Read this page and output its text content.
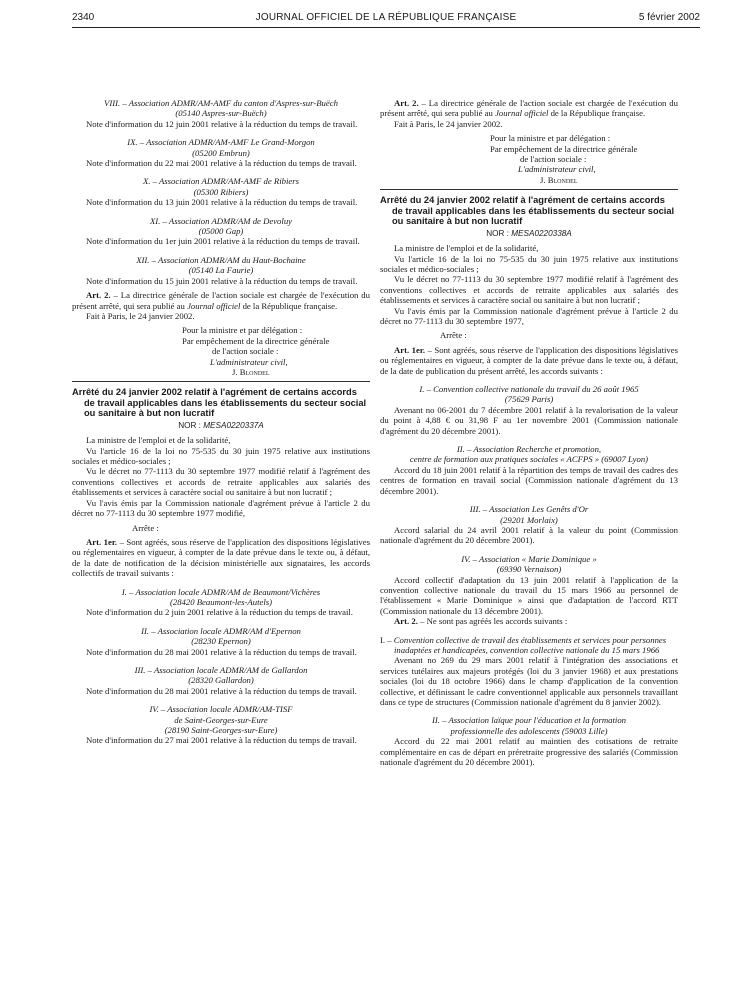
2340	JOURNAL OFFICIEL DE LA RÉPUBLIQUE FRANÇAISE	5 février 2002

VIII. – Association ADMR/AM-AMF du canton d'Aspres-sur-Buëch

(05140 Aspres-sur-Buëch)

Note d'information du 12 juin 2001 relative à la réduction du temps de travail.

IX. – Association ADMR/AM-AMF Le Grand-Morgon

(05200 Embrun)

Note d'information du 22 mai 2001 relative à la réduction du temps de travail.

X. – Association ADMR/AM-AMF de Ribiers

(05300 Ribiers)

Note d'information du 13 juin 2001 relative à la réduction du temps de travail.

XI. – Association ADMR/AM de Devoluy

(05000 Gap)

Note d'information du 1er juin 2001 relative à la réduction du temps de travail.

XII. – Association ADMR/AM du Haut-Bochaine

(05140 La Faurie)

Note d'information du 15 juin 2001 relative à la réduction du temps de travail.

Art. 2. – La directrice générale de l'action sociale est chargée de l'exécution du présent arrêté, qui sera publié au Journal officiel de la République française.

Fait à Paris, le 24 janvier 2002.

Pour la ministre et par délégation :

Par empêchement de la directrice générale

de l'action sociale :

L'administrateur civil,

J. Blondel

Arrêté du 24 janvier 2002 relatif à l'agrément de certains accords de travail applicables dans les établissements du secteur social ou sanitaire à but non lucratif

NOR : MESA0220337A

La ministre de l'emploi et de la solidarité,

Vu l'article 16 de la loi no 75-535 du 30 juin 1975 relative aux institutions sociales et médico-sociales ;

Vu le décret no 77-1113 du 30 septembre 1977 modifié relatif à l'agrément des conventions collectives et accords de retraite applicables aux salariés des établissements et services à caractère social ou sanitaire à but non lucratif ;

Vu l'avis émis par la Commission nationale d'agrément prévue à l'article 2 du décret no 77-1113 du 30 septembre 1977 modifié,

Arrête :

Art. 1er. – Sont agréés, sous réserve de l'application des dispositions législatives ou réglementaires en vigueur, à compter de la date prévue dans le texte ou, à défaut, de la date de notification de la décision ministérielle aux signataires, les accords collectifs de travail suivants :

I. – Association locale ADMR/AM de Beaumont/Vichères

(28420 Beaumont-les-Autels)

Note d'information du 2 juin 2001 relative à la réduction du temps de travail.

II. – Association locale ADMR/AM d'Epernon

(28230 Epernon)

Note d'information du 28 mai 2001 relative à la réduction du temps de travail.

III. – Association locale ADMR/AM de Gallardon

(28320 Gallardon)

Note d'information du 28 mai 2001 relative à la réduction du temps de travail.

IV. – Association locale ADMR/AM-TISF

de Saint-Georges-sur-Eure

(28190 Saint-Georges-sur-Eure)

Note d'information du 27 mai 2001 relative à la réduction du temps de travail.

Art. 2. – La directrice générale de l'action sociale est chargée de l'exécution du présent arrêté, qui sera publié au Journal officiel de la République française.

Fait à Paris, le 24 janvier 2002.

Pour la ministre et par délégation :

Par empêchement de la directrice générale

de l'action sociale :

L'administrateur civil,

J. Blondel

Arrêté du 24 janvier 2002 relatif à l'agrément de certains accords de travail applicables dans les établissements du secteur social ou sanitaire à but non lucratif

NOR : MESA0220338A

La ministre de l'emploi et de la solidarité,

Vu l'article 16 de la loi no 75-535 du 30 juin 1975 relative aux institutions sociales et médico-sociales ;

Vu le décret no 77-1113 du 30 septembre 1977 modifié relatif à l'agrément des conventions collectives et accords de retraite applicables aux salariés des établissements et services à caractère social ou sanitaire à but non lucratif ;

Vu l'avis émis par la Commission nationale d'agrément prévue à l'article 2 du décret no 77-1113 du 30 septembre 1977,

Arrête :

Art. 1er. – Sont agréés, sous réserve de l'application des dispositions législatives ou réglementaires en vigueur, à compter de la date prévue dans le texte ou, à défaut, de la date de publication du présent arrêté, les accords suivants :

I. – Convention collective nationale du travail du 26 août 1965

(75629 Paris)

Avenant no 06-2001 du 7 décembre 2001 relatif à la revalorisation de la valeur du point à 4,88 € ou 31,98 F au 1er novembre 2001 (Commission nationale d'agrément du 20 décembre 2001).

II. – Association Recherche et promotion,

centre de formation aux pratiques sociales « ACFPS » (69007 Lyon)

Accord du 18 juin 2001 relatif à la répartition des temps de travail des cadres des centres de formation en travail social (Commission nationale d'agrément du 13 décembre 2001).

III. – Association Les Genêts d'Or

(29201 Morlaix)

Accord salarial du 24 avril 2001 relatif à la valeur du point (Commission nationale d'agrément du 20 décembre 2001).

IV. – Association « Marie Dominique »

(69390 Vernaison)

Accord collectif d'adaptation du 13 juin 2001 relatif à l'application de la convention collective nationale du travail du 15 mars 1966 au personnel de l'établissement « Marie Dominique » ainsi que d'adaptation de l'accord RTT (Commission nationale du 13 décembre 2001).

Art. 2. – Ne sont pas agréés les accords suivants :

I. – Convention collective de travail des établissements et services pour personnes inadaptées et handicapées, convention collective nationale du 15 mars 1966

Avenant no 269 du 29 mars 2001 relatif à l'intégration des associations et services tutélaires aux majeurs protégés (loi du 3 janvier 1968) et aux prestations sociales (loi du 18 octobre 1966) dans le champ d'application de la convention collective, et définissant le cadre conventionnel applicable aux personnels travaillant dans ce type de structures (Commission nationale d'agrément du 8 janvier 2002).

II. – Association laïque pour l'éducation et la formation

professionnelle des adolescents (59003 Lille)

Accord du 22 mai 2001 relatif au maintien des cotisations de retraite complémentaire en cas de départ en préretraite progressive des salariés (Commission nationale d'agrément du 20 décembre 2001).
